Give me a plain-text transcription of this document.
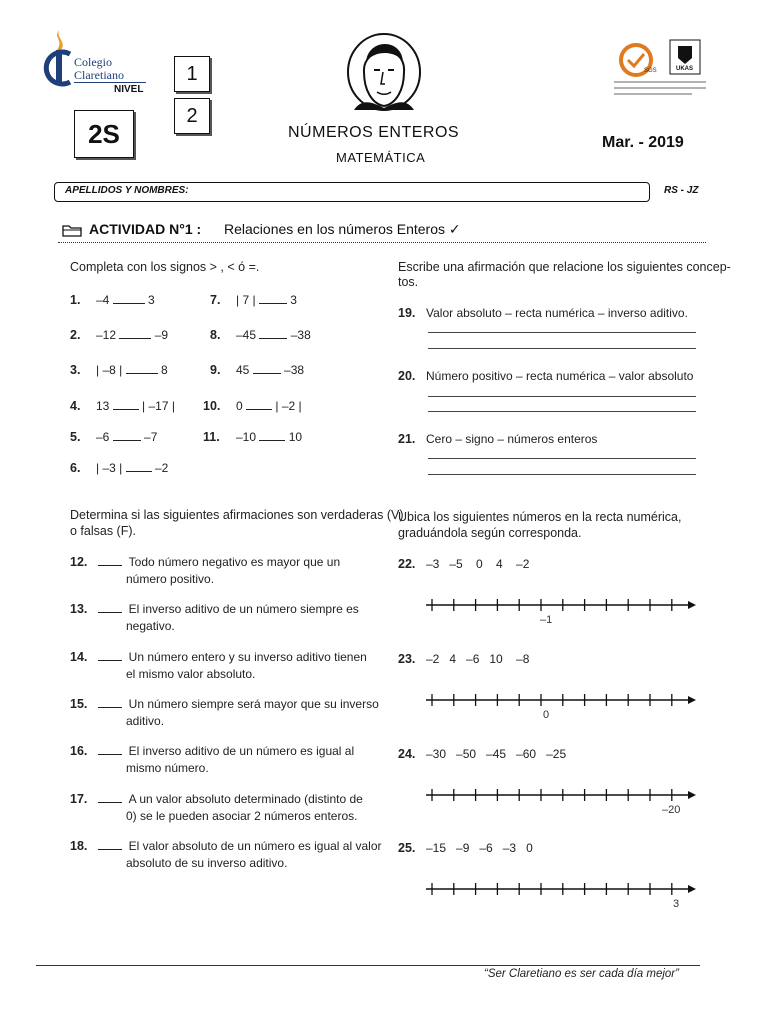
Colegio
Claretiano
NIVEL
1
2
2S	NÚMEROS ENTEROS
MATEMÁTICA
Mar. - 2019
SGS	UKAS
APELLIDOS Y NOMBRES:	RS - JZ
ACTIVIDAD N°1 : Relaciones en los números Enteros ✓
Completa con los signos > , < ó =.
1. –4	3
2. –12	–9
3. | –8 |	8
4. 13	| –17 |
5. –6	–7
6. | –3 |	–2
7. | 7 |	3
8. –45	–38
9. 45	–38
10. 0	| –2 |
11. –10	10
Escribe una afirmación que relacione los siguientes concep-
tos.
19. Valor absoluto – recta numérica – inverso aditivo.
20. Número positivo – recta numérica – valor absoluto
21. Cero – signo – números enteros
Determina si las siguientes afirmaciones son verdaderas (V)
o falsas (F).
12.	Todo número negativo es mayor que un
número positivo.
13.	El inverso aditivo de un número siempre es
negativo.
14.	Un número entero y su inverso aditivo tienen
el mismo valor absoluto.
15.	Un número siempre será mayor que su inverso
aditivo.
16.	El inverso aditivo de un número es igual al
mismo número.
17.	A un valor absoluto determinado (distinto de
0) se le pueden asociar 2 números enteros.
18.	El valor absoluto de un número es igual al valor
absoluto de su inverso aditivo.
Ubica los siguientes números en la recta numérica,
graduándola según corresponda.
22. –3   –5    0    4    –2
–1
23. –2   4   –6   10    –8
0
24. –30   –50   –45   –60   –25
–20
25. –15   –9   –6   –3   0
3
“Ser Claretiano es ser cada día mejor”
